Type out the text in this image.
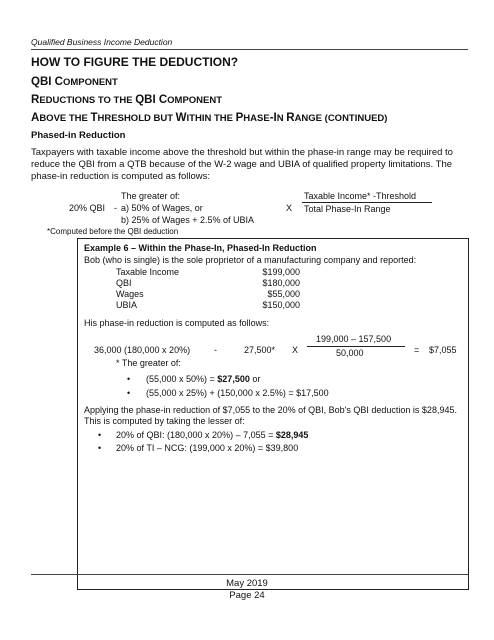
Qualified Business Income Deduction
HOW TO FIGURE THE DEDUCTION?
QBI COMPONENT
REDUCTIONS TO THE QBI COMPONENT
ABOVE THE THRESHOLD BUT WITHIN THE PHASE-IN RANGE (CONTINUED)
Phased-in Reduction
Taxpayers with taxable income above the threshold but within the phase-in range may be required to reduce the QBI from a QTB because of the W-2 wage and UBIA of qualified property limitations. The phase-in reduction is computed as follows:
The greater of:
20% QBI - a) 50% of Wages, or
b) 25% of Wages + 2.5% of UBIA
X
Taxable Income* -Threshold
Total Phase-In Range
*Computed before the QBI deduction
Example 6 – Within the Phase-In, Phased-In Reduction
Bob (who is single) is the sole proprietor of a manufacturing company and reported:
Taxable Income	$199,000
QBI	$180,000
Wages	$55,000
UBIA	$150,000
His phase-in reduction is computed as follows:
36,000 (180,000 x 20%)	-	27,500* X
199,000 – 157,500
50,000	= $7,055
* The greater of:
• (55,000 x 50%) = $27,500 or
• (55,000 x 25%) + (150,000 x 2.5%) = $17,500
Applying the phase-in reduction of $7,055 to the 20% of QBI, Bob's QBI deduction is $28,945. This is computed by taking the lesser of:
• 20% of QBI: (180,000 x 20%) – 7,055 = $28,945
• 20% of TI – NCG: (199,000 x 20%) = $39,800
May 2019
Page 24
